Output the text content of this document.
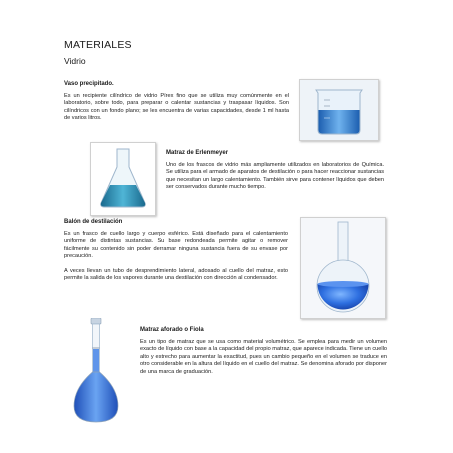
MATERIALES
Vidrio
Vaso precipitado.
Es un recipiente cilíndrico de vidrio Pírex fino que se utiliza muy comúnmente en el laboratorio, sobre todo, para preparar o calentar sustancias y traspasar líquidos. Son cilíndricos con un fondo plano; se les encuentra de varias capacidades, desde 1 ml hasta de varios litros.
Matraz de Erlenmeyer
Uno de los frascos de vidrio más ampliamente utilizados en laboratorios de Química. Se utiliza para el armado de aparatos de destilación o para hacer reaccionar sustancias que necesitan un largo calentamiento. También sirve para contener líquidos que deben ser conservados durante mucho tiempo.
Balón de destilación
Es un frasco de cuello largo y cuerpo esférico. Está diseñado para el calentamiento uniforme de distintas sustancias. Su base redondeada permite agitar o remover fácilmente su contenido sin poder derramar ninguna sustancia fuera de su envase por precaución.
A veces llevan un tubo de desprendimiento lateral, adosado al cuello del matraz, esto permite la salida de los vapores durante una destilación con dirección al condensador.
Matraz aforado o Fiola
Es un tipo de matraz que se usa como material volumétrico. Se emplea para medir un volumen exacto de líquido con base a la capacidad del propio matraz, que aparece indicada. Tiene un cuello alto y estrecho para aumentar la exactitud, pues un cambio pequeño en el volumen se traduce en otro considerable en la altura del líquido en el cuello del matraz. Se denomina aforado por disponer de una marca de graduación.
